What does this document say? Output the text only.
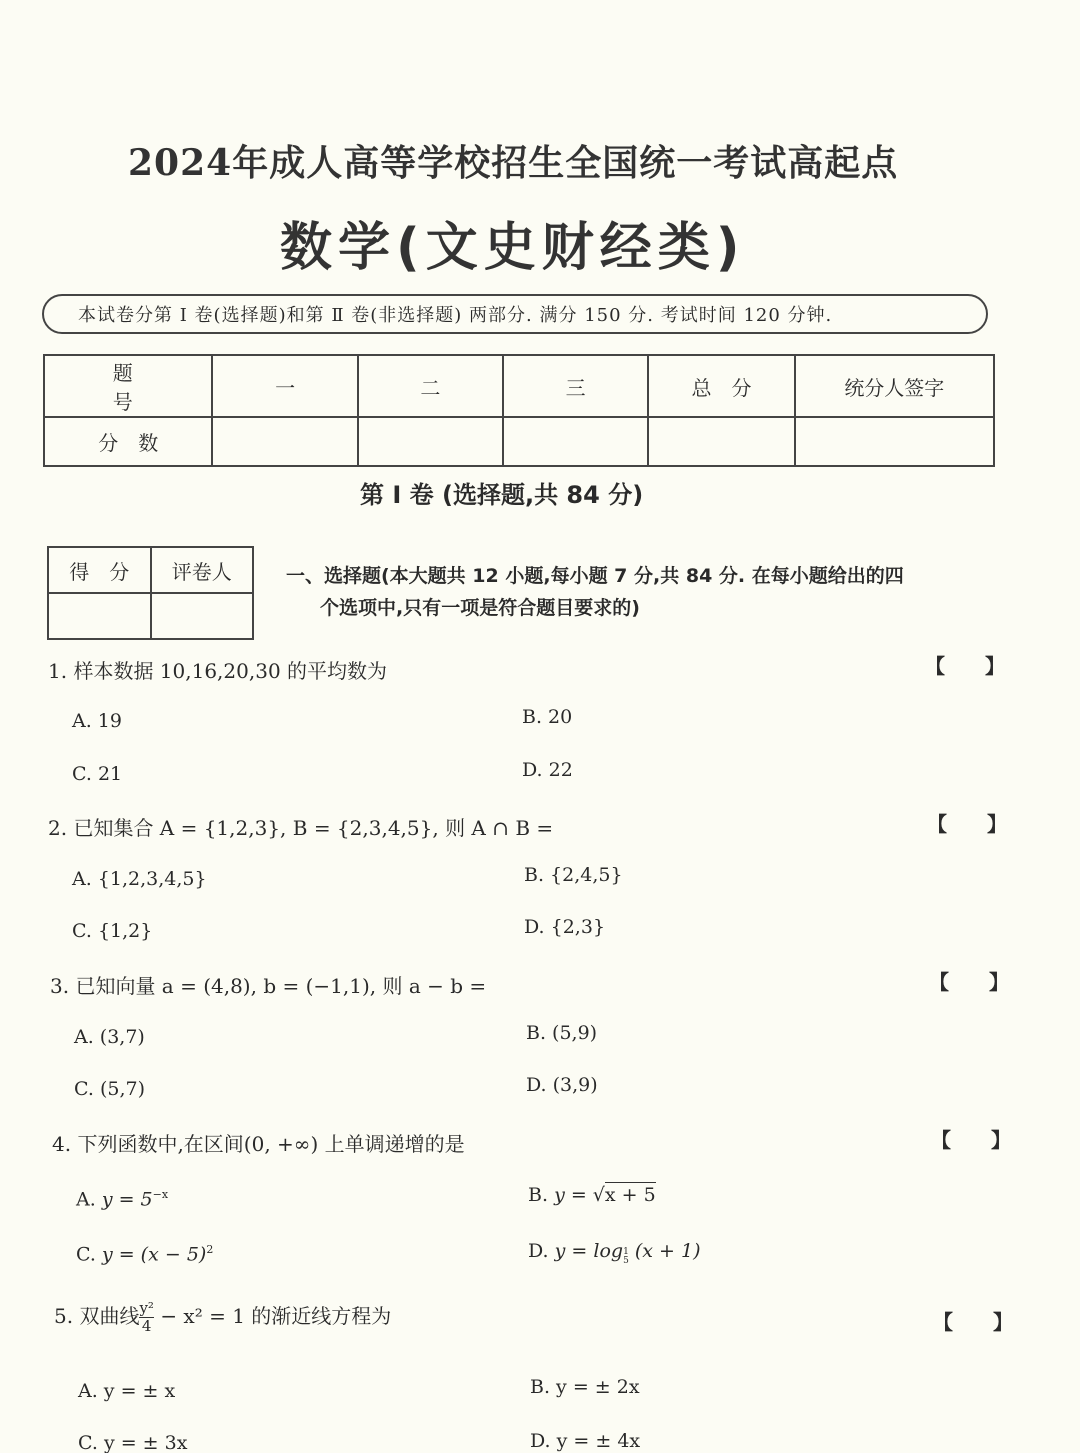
2024年成人高等学校招生全国统一考试高起点
数学(文史财经类)
本试卷分第 Ⅰ 卷(选择题)和第 Ⅱ 卷(非选择题) 两部分. 满分 150 分. 考试时间 120 分钟.
题　号	一	二	三	总　分	统分人签字
分　数					
第 Ⅰ 卷 (选择题,共 84 分)
得　分	评卷人
		一、选择题(本大题共 12 小题,每小题 7 分,共 84 分. 在每小题给出的四
个选项中,只有一项是符合题目要求的)
1. 样本数据 10,16,20,30 的平均数为	【　　】
A. 19	B. 20
C. 21	D. 22
2. 已知集合 A = {1,2,3}, B = {2,3,4,5}, 则 A ∩ B =	【　　】
A. {1,2,3,4,5}	B. {2,4,5}
C. {1,2}	D. {2,3}
3. 已知向量 a = (4,8), b = (−1,1), 则 a − b =	【　　】
A. (3,7)	B. (5,9)
C. (5,7)	D. (3,9)
4. 下列函数中,在区间(0, +∞) 上单调递增的是	【　　】
A. $y = 5^{-x}$	B. y = √x + 5
C. $y = (x - 5)^2$	D. y = log 1
5 (x + 1)
5. 双曲线 $\frac{\text{y²}}{4} - x^2 = 1$ 的渐近线方程为	【　　】
A. y = ± x	B. y = ± 2x
C. y = ± 3x	D. y = ± 4x
